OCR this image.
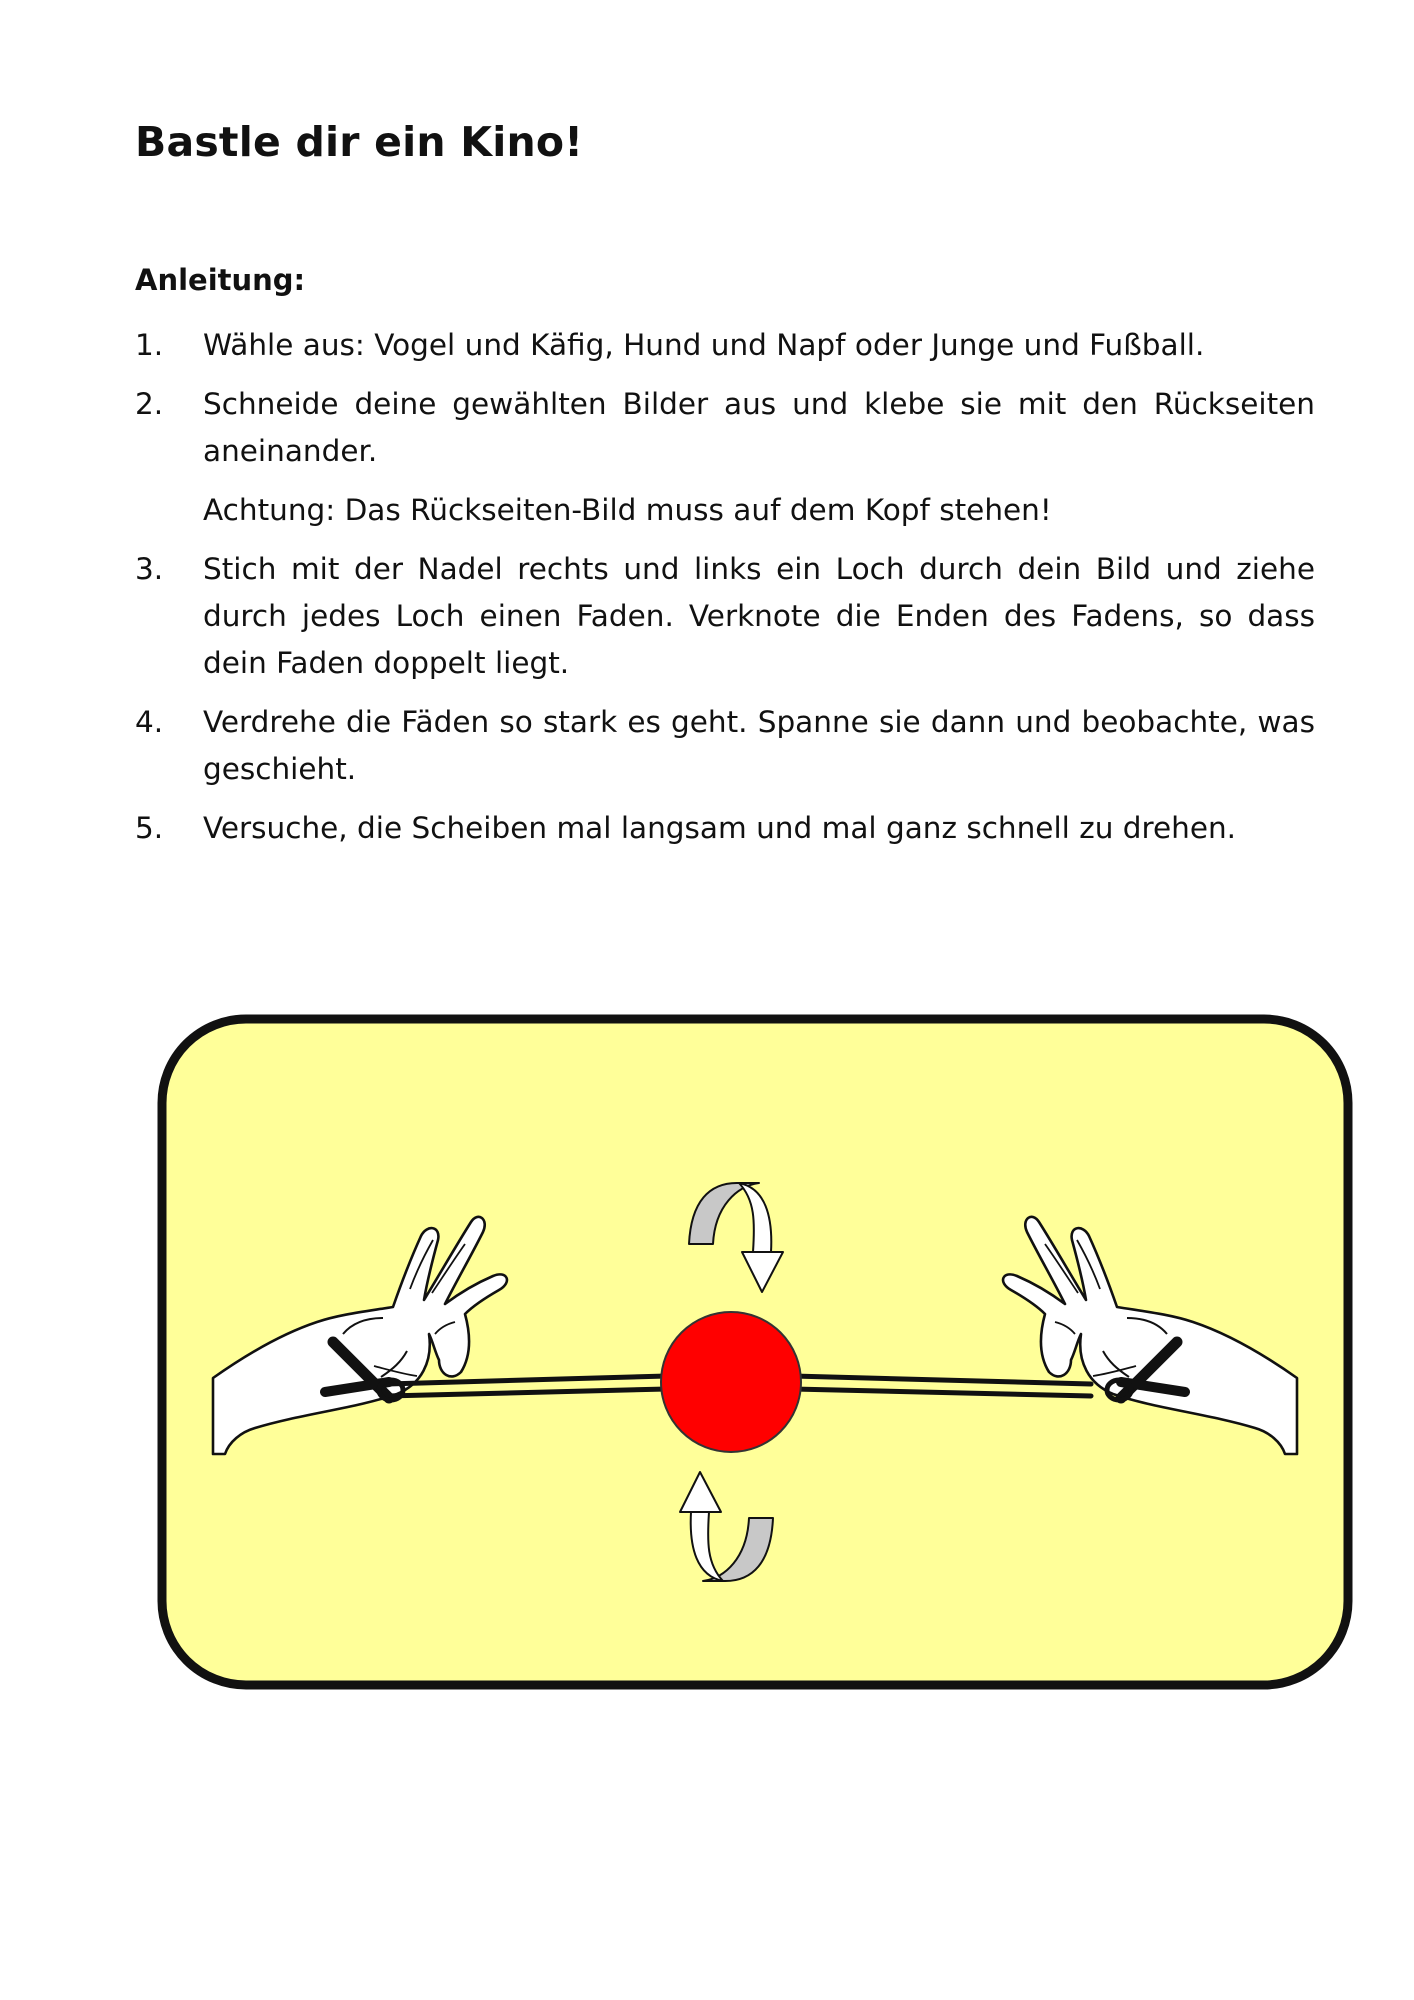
Bastle dir ein Kino!
Anleitung:
1. Wähle aus: Vogel und Käfig, Hund und Napf oder Junge und Fußball.
2. Schneide deine gewählten Bilder aus und klebe sie mit den Rückseiten aneinander.
Achtung: Das Rückseiten-Bild muss auf dem Kopf stehen!
3. Stich mit der Nadel rechts und links ein Loch durch dein Bild und ziehe durch jedes Loch einen Faden. Verknote die Enden des Fadens, so dass dein Faden doppelt liegt.
4. Verdrehe die Fäden so stark es geht. Spanne sie dann und beobachte, was geschieht.
5. Versuche, die Scheiben mal langsam und mal ganz schnell zu drehen.
